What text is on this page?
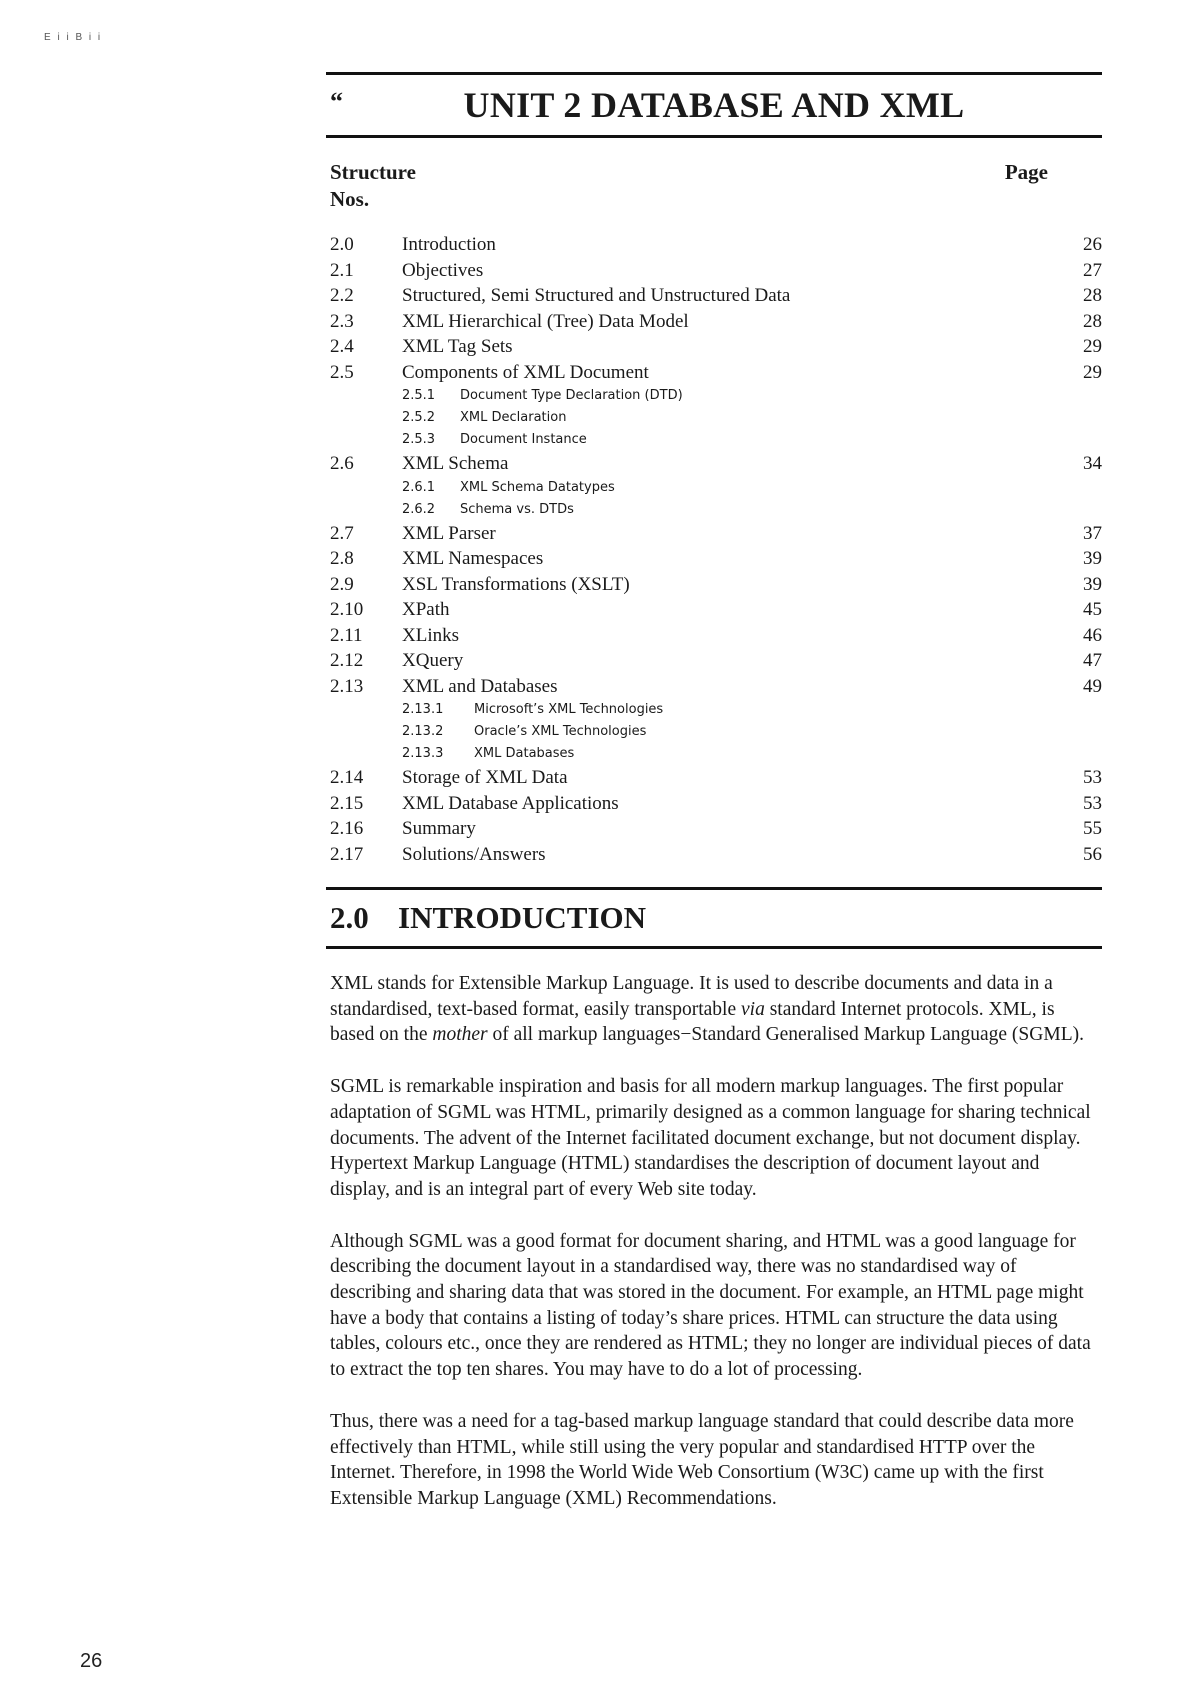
E i i B i i
“	UNIT 2 DATABASE AND XML
Structure	Page
Nos.
2.0	Introduction	26
2.1	Objectives	27
2.2	Structured, Semi Structured and Unstructured Data	28
2.3	XML Hierarchical (Tree) Data Model	28
2.4	XML Tag Sets	29
2.5	Components of XML Document	29
2.5.1	Document Type Declaration (DTD)
2.5.2	XML Declaration
2.5.3	Document Instance
2.6	XML Schema	34
2.6.1	XML Schema Datatypes
2.6.2	Schema vs. DTDs
2.7	XML Parser	37
2.8	XML Namespaces	39
2.9	XSL Transformations (XSLT)	39
2.10	XPath	45
2.11	XLinks	46
2.12	XQuery	47
2.13	XML and Databases	49
2.13.1	Microsoft’s XML Technologies
2.13.2	Oracle’s XML Technologies
2.13.3	XML Databases
2.14	Storage of XML Data	53
2.15	XML Database Applications	53
2.16	Summary	55
2.17	Solutions/Answers	56
2.0 INTRODUCTION

XML stands for Extensible Markup Language. It is used to describe documents and data in a standardised, text-based format, easily transportable via standard Internet protocols. XML, is based on the mother of all markup languages−Standard Generalised Markup Language (SGML).

SGML is remarkable inspiration and basis for all modern markup languages. The first popular adaptation of SGML was HTML, primarily designed as a common language for sharing technical documents. The advent of the Internet facilitated document exchange, but not document display. Hypertext Markup Language (HTML) standardises the description of document layout and display, and is an integral part of every Web site today.

Although SGML was a good format for document sharing, and HTML was a good language for describing the document layout in a standardised way, there was no standardised way of describing and sharing data that was stored in the document. For example, an HTML page might have a body that contains a listing of today’s share prices. HTML can structure the data using tables, colours etc., once they are rendered as HTML; they no longer are individual pieces of data to extract the top ten shares. You may have to do a lot of processing.

Thus, there was a need for a tag-based markup language standard that could describe data more effectively than HTML, while still using the very popular and standardised HTTP over the Internet. Therefore, in 1998 the World Wide Web Consortium (W3C) came up with the first Extensible Markup Language (XML) Recommendations.

26
